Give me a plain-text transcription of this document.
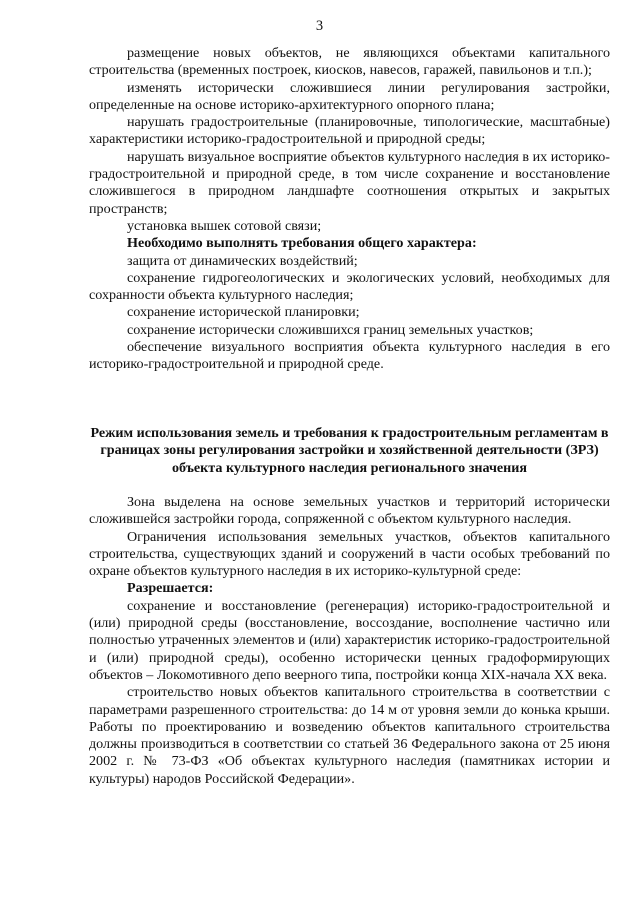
3

размещение новых объектов, не являющихся объектами капитального строительства (временных построек, киосков, навесов, гаражей, павильонов и т.п.);

изменять исторически сложившиеся линии регулирования застройки, определенные на основе историко-архитектурного опорного плана;

нарушать градостроительные (планировочные, типологические, масштабные) характеристики историко-градостроительной и природной среды;

нарушать визуальное восприятие объектов культурного наследия в их историко-градостроительной и природной среде, в том числе сохранение и восстановление сложившегося в природном ландшафте соотношения открытых и закрытых пространств;

установка вышек сотовой связи;

Необходимо выполнять требования общего характера:

защита от динамических воздействий;

сохранение гидрогеологических и экологических условий, необходимых для сохранности объекта культурного наследия;

сохранение исторической планировки;

сохранение исторически сложившихся границ земельных участков;

обеспечение визуального восприятия объекта культурного наследия в его историко-градостроительной и природной среде.

Режим использования земель и требования к градостроительным регламентам в границах зоны регулирования застройки и хозяйственной деятельности (ЗРЗ) объекта культурного наследия регионального значения

Зона выделена на основе земельных участков и территорий исторически сложившейся застройки города, сопряженной с объектом культурного наследия.

Ограничения использования земельных участков, объектов капитального строительства, существующих зданий и сооружений в части особых требований по охране объектов культурного наследия в их историко-культурной среде:

Разрешается:

сохранение и восстановление (регенерация) историко-градостроительной и (или) природной среды (восстановление, воссоздание, восполнение частично или полностью утраченных элементов и (или) характеристик историко-градостроительной и (или) природной среды), особенно исторически ценных градоформирующих объектов – Локомотивного депо веерного типа, постройки конца XIX-начала XX века.

строительство новых объектов капитального строительства в соответствии с параметрами разрешенного строительства: до 14 м от уровня земли до конька крыши. Работы по проектированию и возведению объектов капитального строительства должны производиться в соответствии со статьей 36 Федерального закона от 25 июня 2002 г. № 73-ФЗ «Об объектах культурного наследия (памятниках истории и культуры) народов Российской Федерации».
